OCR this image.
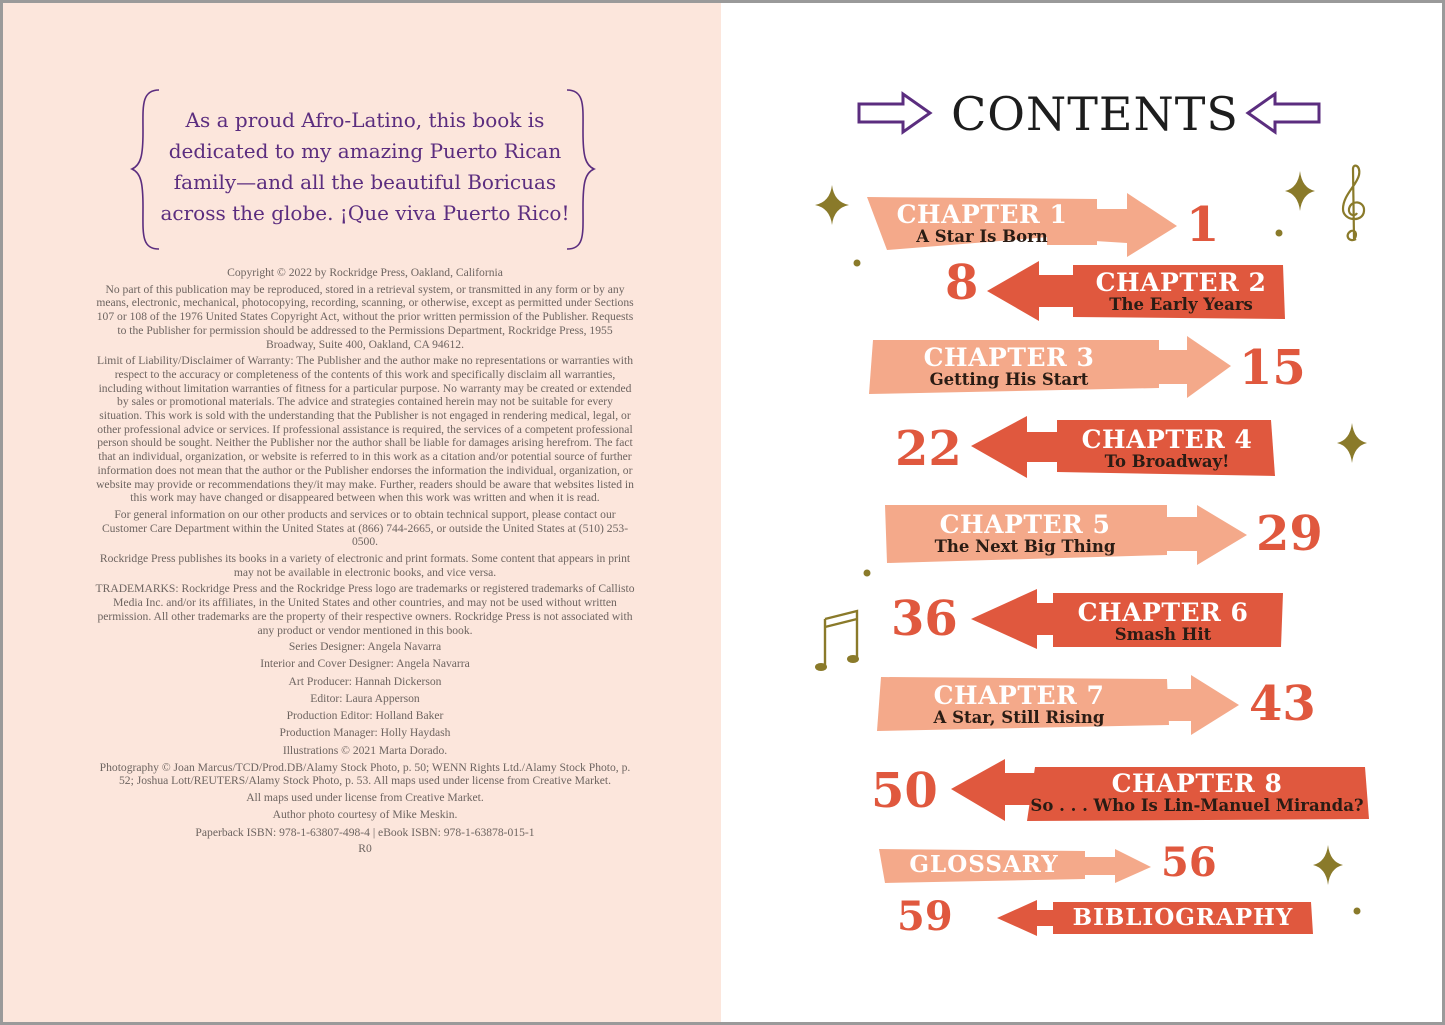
As a proud Afro-Latino, this book is
dedicated to my amazing Puerto Rican
family—and all the beautiful Boricuas
across the globe. ¡Que viva Puerto Rico!

Copyright © 2022 by Rockridge Press, Oakland, California

No part of this publication may be reproduced, stored in a retrieval system, or transmitted in any form or by any means, electronic, mechanical, photocopying, recording, scanning, or otherwise, except as permitted under Sections 107 or 108 of the 1976 United States Copyright Act, without the prior written permission of the Publisher. Requests to the Publisher for permission should be addressed to the Permissions Department, Rockridge Press, 1955 Broadway, Suite 400, Oakland, CA 94612.

Limit of Liability/Disclaimer of Warranty: The Publisher and the author make no representations or warranties with respect to the accuracy or completeness of the contents of this work and specifically disclaim all warranties, including without limitation warranties of fitness for a particular purpose. No warranty may be created or extended by sales or promotional materials. The advice and strategies contained herein may not be suitable for every situation. This work is sold with the understanding that the Publisher is not engaged in rendering medical, legal, or other professional advice or services. If professional assistance is required, the services of a competent professional person should be sought. Neither the Publisher nor the author shall be liable for damages arising herefrom. The fact that an individual, organization, or website is referred to in this work as a citation and/or potential source of further information does not mean that the author or the Publisher endorses the information the individual, organization, or website may provide or recommendations they/it may make. Further, readers should be aware that websites listed in this work may have changed or disappeared between when this work was written and when it is read.

For general information on our other products and services or to obtain technical support, please contact our Customer Care Department within the United States at (866) 744-2665, or outside the United States at (510) 253-0500.

Rockridge Press publishes its books in a variety of electronic and print formats. Some content that appears in print may not be available in electronic books, and vice versa.

TRADEMARKS: Rockridge Press and the Rockridge Press logo are trademarks or registered trademarks of Callisto Media Inc. and/or its affiliates, in the United States and other countries, and may not be used without written permission. All other trademarks are the property of their respective owners. Rockridge Press is not associated with any product or vendor mentioned in this book.

Series Designer: Angela Navarra

Interior and Cover Designer: Angela Navarra

Art Producer: Hannah Dickerson

Editor: Laura Apperson

Production Editor: Holland Baker

Production Manager: Holly Haydash

Illustrations © 2021 Marta Dorado.

Photography © Joan Marcus/TCD/Prod.DB/Alamy Stock Photo, p. 50; WENN Rights Ltd./Alamy Stock Photo, p. 52; Joshua Lott/REUTERS/Alamy Stock Photo, p. 53. All maps used under license from Creative Market.

All maps used under license from Creative Market.

Author photo courtesy of Mike Meskin.

Paperback ISBN: 978-1-63807-498-4 | eBook ISBN: 978-1-63878-015-1

R0

CONTENTS
CHAPTER 1
A Star Is Born	1
8	CHAPTER 2
The Early Years
CHAPTER 3
Getting His Start	15
22	CHAPTER 4
To Broadway!
CHAPTER 5
The Next Big Thing	29
36	CHAPTER 6
Smash Hit
CHAPTER 7
A Star, Still Rising	43
50	CHAPTER 8
So . . . Who Is Lin-Manuel Miranda?
GLOSSARY	56
59	BIBLIOGRAPHY
